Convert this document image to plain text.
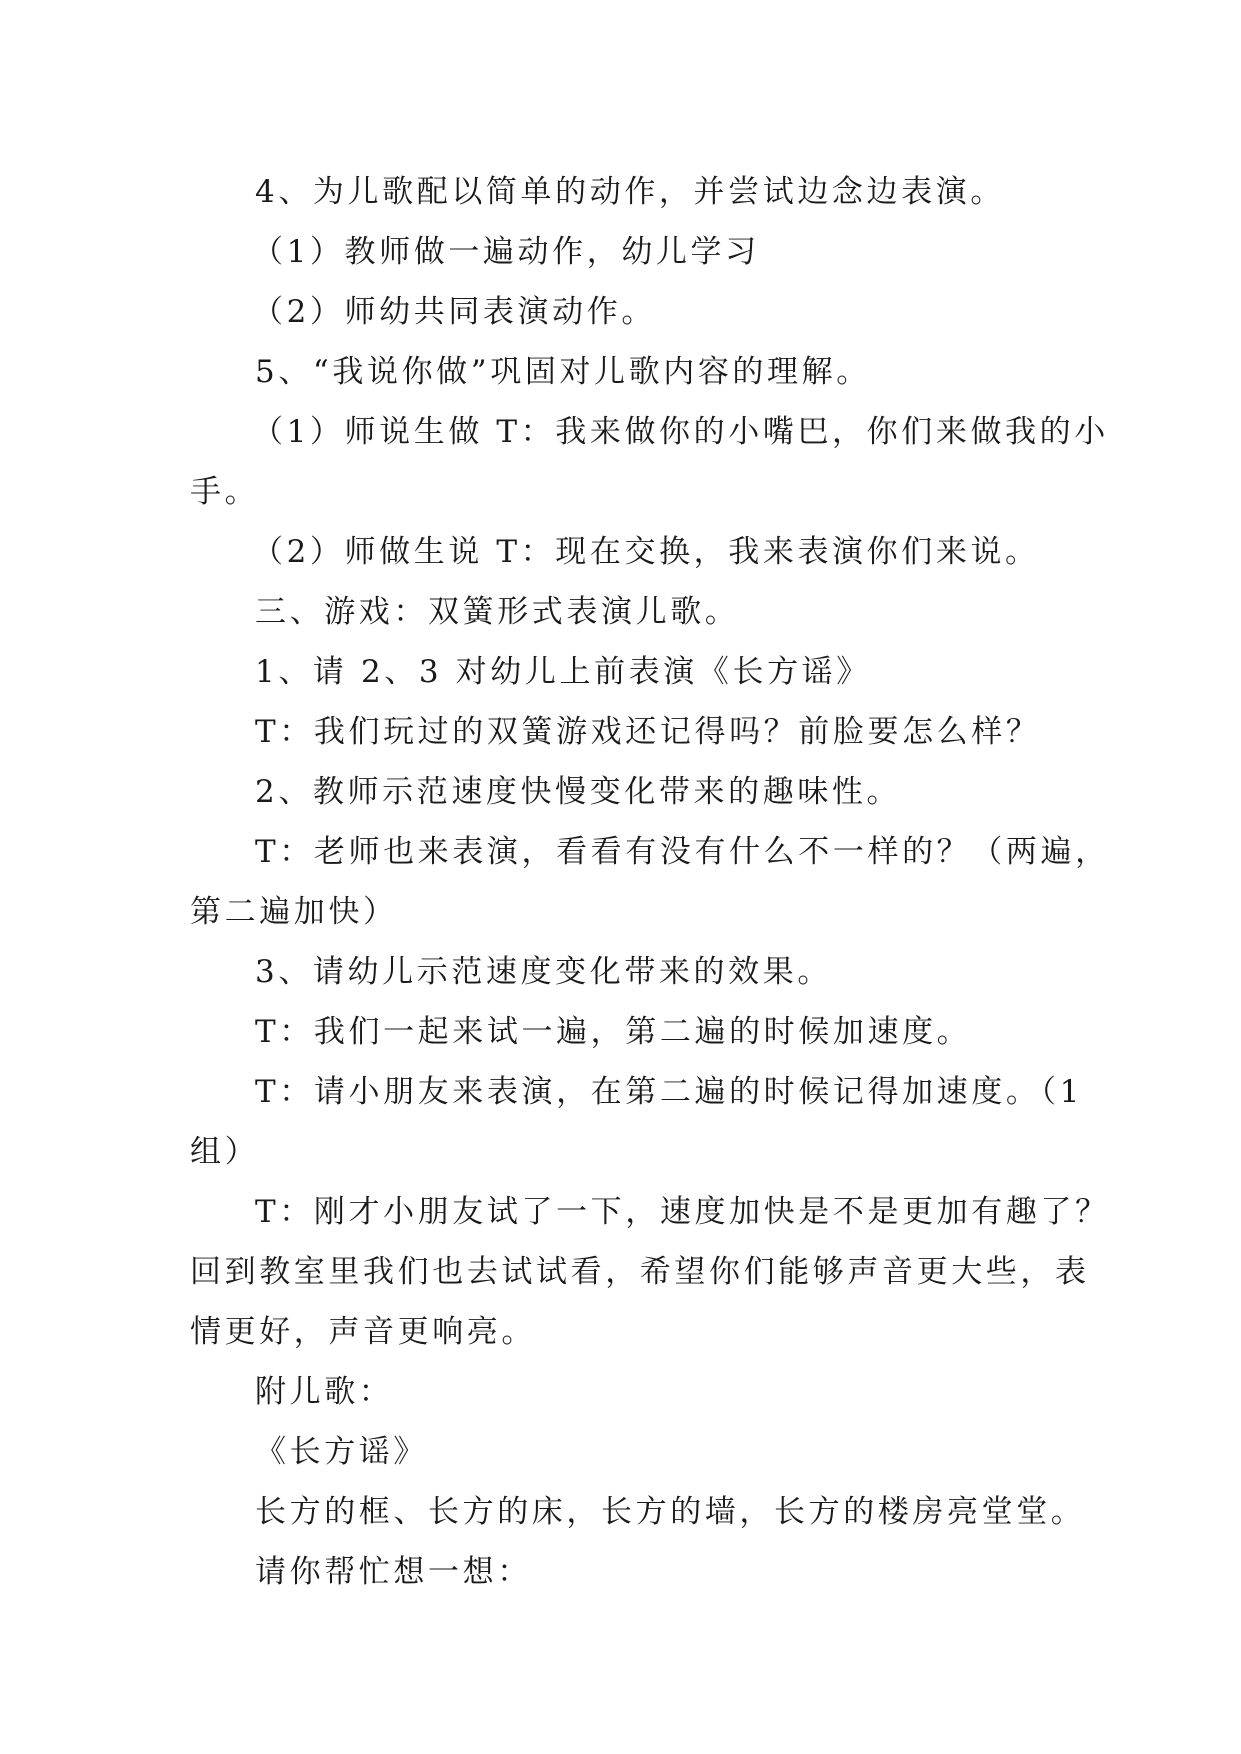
4、为儿歌配以简单的动作，并尝试边念边表演。
（1）教师做一遍动作，幼儿学习
（2）师幼共同表演动作。
5、“我说你做”巩固对儿歌内容的理解。
（1）师说生做 T：我来做你的小嘴巴，你们来做我的小
手。
（2）师做生说 T：现在交换，我来表演你们来说。
三、游戏：双簧形式表演儿歌。
1、请 2、3 对幼儿上前表演《长方谣》
T：我们玩过的双簧游戏还记得吗？前脸要怎么样？
2、教师示范速度快慢变化带来的趣味性。
T：老师也来表演，看看有没有什么不一样的？（两遍，
第二遍加快）
3、请幼儿示范速度变化带来的效果。
T：我们一起来试一遍，第二遍的时候加速度。
T：请小朋友来表演，在第二遍的时候记得加速度。（1
组）
T：刚才小朋友试了一下，速度加快是不是更加有趣了？
回到教室里我们也去试试看，希望你们能够声音更大些，表
情更好，声音更响亮。
附儿歌：
《长方谣》
长方的框、长方的床，长方的墙，长方的楼房亮堂堂。
请你帮忙想一想：
